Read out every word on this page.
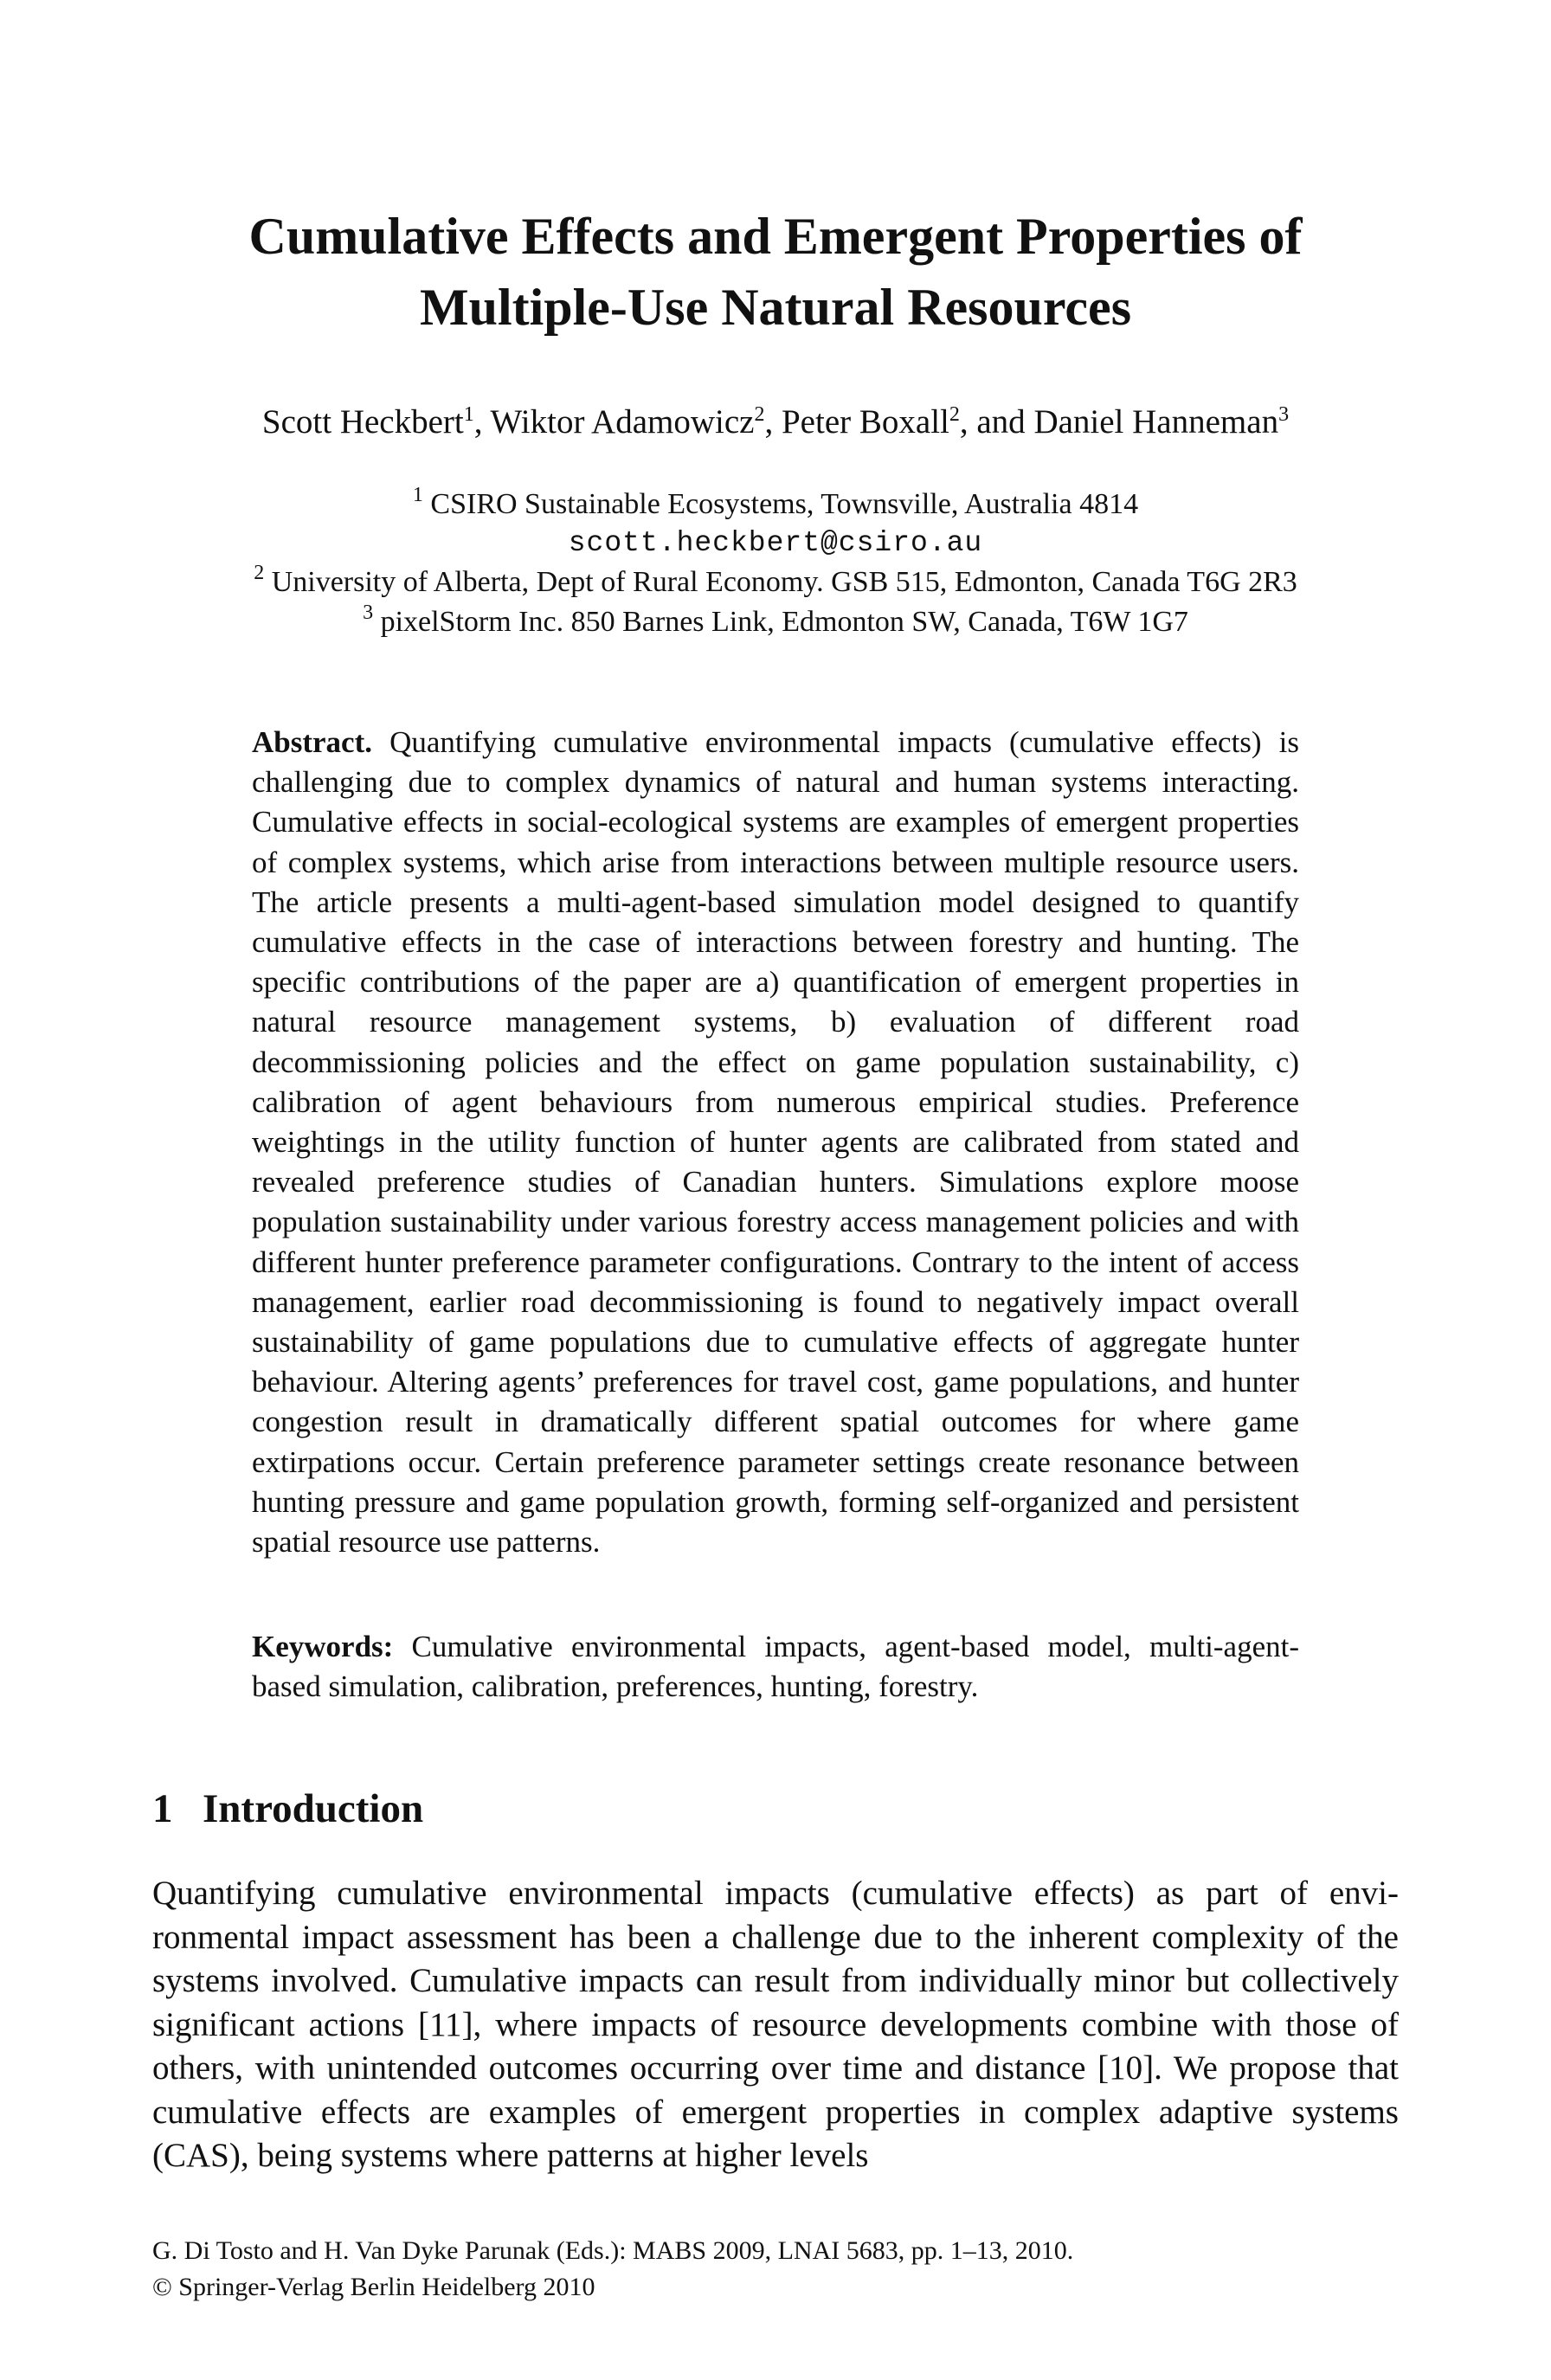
Cumulative Effects and Emergent Properties of
Multiple-Use Natural Resources
Scott Heckbert$^1$, Wiktor Adamowicz$^2$, Peter Boxall$^2$, and Daniel Hanneman$^3$
$^1$ CSIRO Sustainable Ecosystems, Townsville, Australia 4814
scott.heckbert@csiro.au
$^2$ University of Alberta, Dept of Rural Economy. GSB 515, Edmonton, Canada T6G 2R3
$^3$ pixelStorm Inc. 850 Barnes Link, Edmonton SW, Canada, T6W 1G7
Abstract. Quantifying cumulative environmental impacts (cumulative effects) is challenging due to complex dynamics of natural and human systems interacting. Cumulative effects in social-ecological systems are examples of emergent properties of complex systems, which arise from interactions between multiple resource users. The article presents a multi-agent-based simulation model designed to quantify cumulative effects in the case of interactions between forestry and hunting. The specific contributions of the paper are a) quantification of emergent properties in natural resource management systems, b) evaluation of different road decommissioning policies and the effect on game population sustainability, c) calibration of agent behaviours from numerous empirical studies. Preference weightings in the utility function of hunter agents are calibrated from stated and revealed preference studies of Canadian hunters. Simulations explore moose population sustainability under various forestry access management policies and with different hunter preference parameter configurations. Contrary to the intent of access management, earlier road decommissioning is found to negatively impact overall sustainability of game populations due to cumulative effects of aggregate hunter behaviour. Altering agents’ preferences for travel cost, game populations, and hunter congestion result in dramatically different spatial outcomes for where game extirpations occur. Certain preference parameter settings create resonance between hunting pressure and game population growth, forming self-organized and persistent spatial resource use patterns.
Keywords: Cumulative environmental impacts, agent-based model, multi-agent-based simulation, calibration, preferences, hunting, forestry.
1 Introduction
Quantifying cumulative environmental impacts (cumulative effects) as part of environmental impact assessment has been a challenge due to the inherent complexity of the systems involved. Cumulative impacts can result from individually minor but collectively significant actions [11], where impacts of resource developments combine with those of others, with unintended outcomes occurring over time and distance [10]. We propose that cumulative effects are examples of emergent properties in complex adaptive systems (CAS), being systems where patterns at higher levels
G. Di Tosto and H. Van Dyke Parunak (Eds.): MABS 2009, LNAI 5683, pp. 1–13, 2010.
© Springer-Verlag Berlin Heidelberg 2010
